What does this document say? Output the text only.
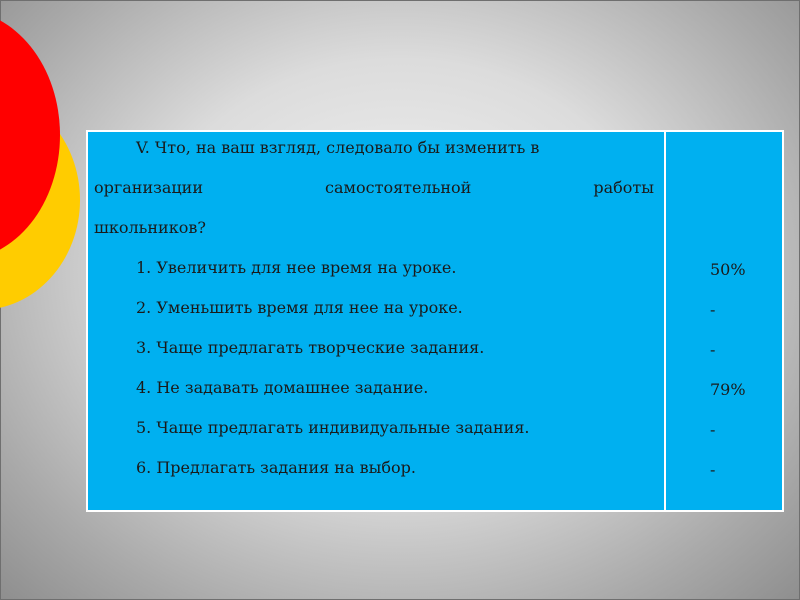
V. Что, на ваш взгляд, следовало бы изменить в
организации	самостоятельной	работы
школьников?
1. Увеличить для нее время на уроке.
2. Уменьшить время для нее на уроке.
3. Чаще предлагать творческие задания.
4. Не задавать домашнее задание.
5. Чаще предлагать индивидуальные задания.
6. Предлагать задания на выбор.
50%
-
-
79%
-
-
